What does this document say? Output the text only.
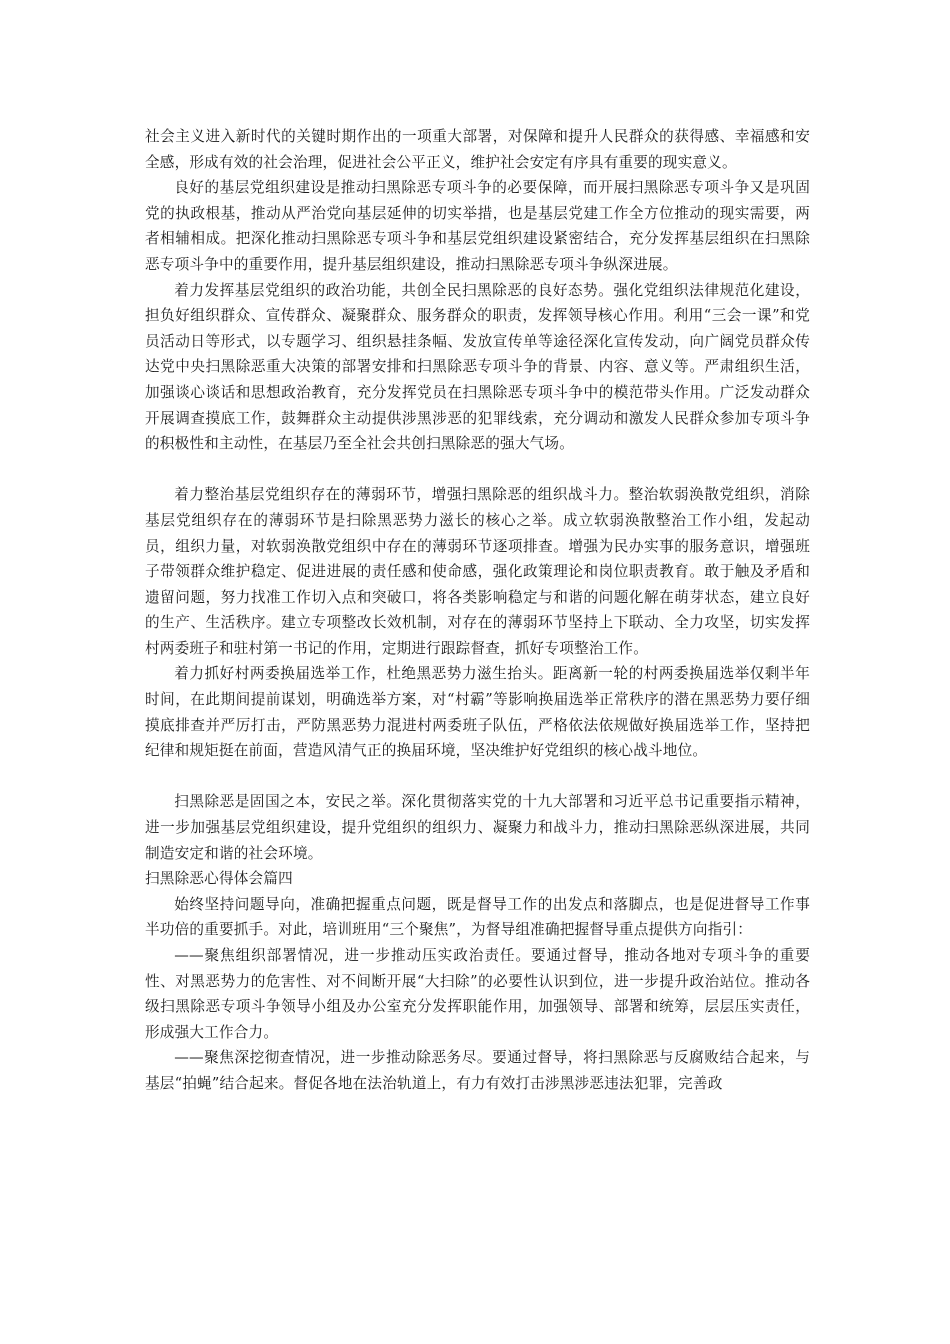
社会主义进入新时代的关键时期作出的一项重大部署，对保障和提升人民群众的获得感、幸福感和安全感，形成有效的社会治理，促进社会公平正义，维护社会安定有序具有重要的现实意义。

良好的基层党组织建设是推动扫黑除恶专项斗争的必要保障，而开展扫黑除恶专项斗争又是巩固党的执政根基，推动从严治党向基层延伸的切实举措，也是基层党建工作全方位推动的现实需要，两者相辅相成。把深化推动扫黑除恶专项斗争和基层党组织建设紧密结合，充分发挥基层组织在扫黑除恶专项斗争中的重要作用，提升基层组织建设，推动扫黑除恶专项斗争纵深进展。

着力发挥基层党组织的政治功能，共创全民扫黑除恶的良好态势。强化党组织法律规范化建设，担负好组织群众、宣传群众、凝聚群众、服务群众的职责，发挥领导核心作用。利用“三会一课”和党员活动日等形式，以专题学习、组织悬挂条幅、发放宣传单等途径深化宣传发动，向广阔党员群众传达党中央扫黑除恶重大决策的部署安排和扫黑除恶专项斗争的背景、内容、意义等。严肃组织生活，加强谈心谈话和思想政治教育，充分发挥党员在扫黑除恶专项斗争中的模范带头作用。广泛发动群众开展调查摸底工作，鼓舞群众主动提供涉黑涉恶的犯罪线索，充分调动和激发人民群众参加专项斗争的积极性和主动性，在基层乃至全社会共创扫黑除恶的强大气场。

着力整治基层党组织存在的薄弱环节，增强扫黑除恶的组织战斗力。整治软弱涣散党组织，消除基层党组织存在的薄弱环节是扫除黑恶势力滋长的核心之举。成立软弱涣散整治工作小组，发起动员，组织力量，对软弱涣散党组织中存在的薄弱环节逐项排查。增强为民办实事的服务意识，增强班子带领群众维护稳定、促进进展的责任感和使命感，强化政策理论和岗位职责教育。敢于触及矛盾和遗留问题，努力找准工作切入点和突破口，将各类影响稳定与和谐的问题化解在萌芽状态，建立良好的生产、生活秩序。建立专项整改长效机制，对存在的薄弱环节坚持上下联动、全力攻坚，切实发挥村两委班子和驻村第一书记的作用，定期进行跟踪督查，抓好专项整治工作。

着力抓好村两委换届选举工作，杜绝黑恶势力滋生抬头。距离新一轮的村两委换届选举仅剩半年时间，在此期间提前谋划，明确选举方案，对“村霸”等影响换届选举正常秩序的潜在黑恶势力要仔细摸底排查并严厉打击，严防黑恶势力混进村两委班子队伍，严格依法依规做好换届选举工作，坚持把纪律和规矩挺在前面，营造风清气正的换届环境，坚决维护好党组织的核心战斗地位。

扫黑除恶是固国之本，安民之举。深化贯彻落实党的十九大部署和习近平总书记重要指示精神，进一步加强基层党组织建设，提升党组织的组织力、凝聚力和战斗力，推动扫黑除恶纵深进展，共同制造安定和谐的社会环境。

扫黑除恶心得体会篇四

始终坚持问题导向，准确把握重点问题，既是督导工作的出发点和落脚点，也是促进督导工作事半功倍的重要抓手。对此，培训班用“三个聚焦”，为督导组准确把握督导重点提供方向指引：

——聚焦组织部署情况，进一步推动压实政治责任。要通过督导，推动各地对专项斗争的重要性、对黑恶势力的危害性、对不间断开展“大扫除”的必要性认识到位，进一步提升政治站位。推动各级扫黑除恶专项斗争领导小组及办公室充分发挥职能作用，加强领导、部署和统筹，层层压实责任，形成强大工作合力。

——聚焦深挖彻查情况，进一步推动除恶务尽。要通过督导，将扫黑除恶与反腐败结合起来，与基层“拍蝇”结合起来。督促各地在法治轨道上，有力有效打击涉黑涉恶违法犯罪，完善政
